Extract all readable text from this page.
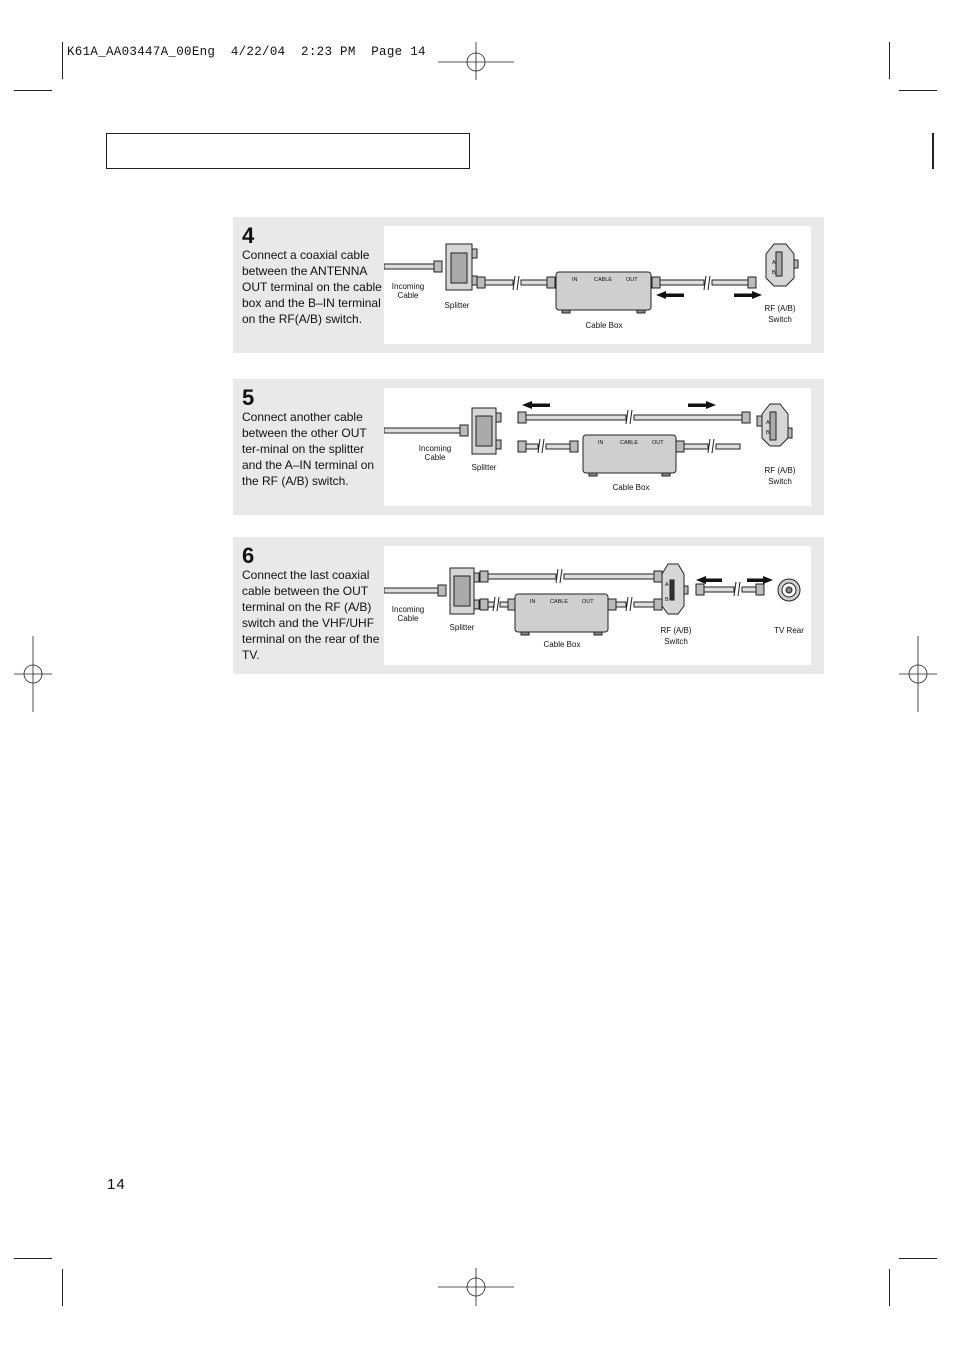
K61A_AA03447A_00Eng  4/22/04  2:23 PM  Page 14
4
Connect a coaxial cable between the ANTENNA OUT terminal on the cable box and the B–IN terminal on the RF(A/B) switch.
IN	CABLE	OUT
A
B
Incoming
Cable
Splitter
Cable Box
RF (A/B)
Switch
5
Connect another cable between the other OUT ter-minal on the splitter and the A–IN terminal on the RF (A/B) switch.
IN	CABLE	OUT
A
B
Incoming
Cable
Splitter
Cable Box
RF (A/B)
Switch
6
Connect the last coaxial cable between the OUT terminal on the RF (A/B) switch and the VHF/UHF terminal on the rear of the TV.
IN	CABLE	OUT
A
B
Incoming
Cable
Splitter
Cable Box
RF (A/B)
Switch
TV Rear
14
